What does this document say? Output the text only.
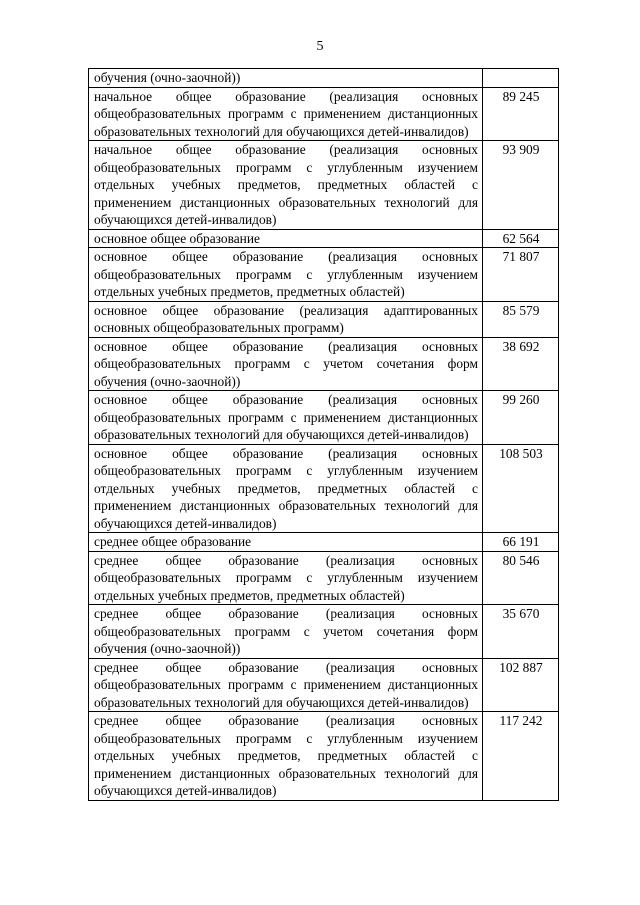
5
обучения (очно-заочной))	
начальное общее образование (реализация основных общеобразовательных программ с применением дистанционных образовательных технологий для обучающихся детей-инвалидов)	89 245
начальное общее образование (реализация основных общеобразовательных программ с углубленным изучением отдельных учебных предметов, предметных областей с применением дистанционных образовательных технологий для обучающихся детей-инвалидов)	93 909
основное общее образование	62 564
основное общее образование (реализация основных общеобразовательных программ с углубленным изучением отдельных учебных предметов, предметных областей)	71 807
основное общее образование (реализация адаптированных основных общеобразовательных программ)	85 579
основное общее образование (реализация основных общеобразовательных программ с учетом сочетания форм обучения (очно-заочной))	38 692
основное общее образование (реализация основных общеобразовательных программ с применением дистанционных образовательных технологий для обучающихся детей-инвалидов)	99 260
основное общее образование (реализация основных общеобразовательных программ с углубленным изучением отдельных учебных предметов, предметных областей с применением дистанционных образовательных технологий для обучающихся детей-инвалидов)	108 503
среднее общее образование	66 191
среднее общее образование (реализация основных общеобразовательных программ с углубленным изучением отдельных учебных предметов, предметных областей)	80 546
среднее общее образование (реализация основных общеобразовательных программ с учетом сочетания форм обучения (очно-заочной))	35 670
среднее общее образование (реализация основных общеобразовательных программ с применением дистанционных образовательных технологий для обучающихся детей-инвалидов)	102 887
среднее общее образование (реализация основных общеобразовательных программ с углубленным изучением отдельных учебных предметов, предметных областей с применением дистанционных образовательных технологий для обучающихся детей-инвалидов)	117 242
